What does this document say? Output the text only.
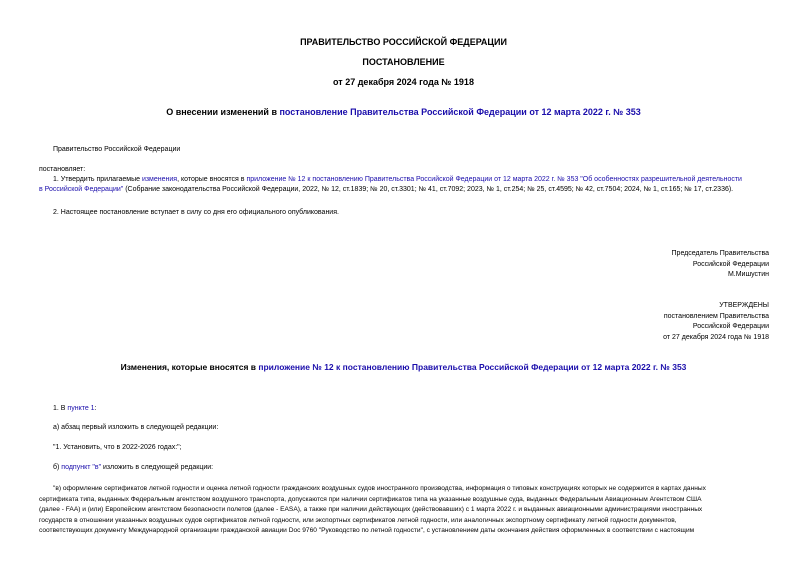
ПРАВИТЕЛЬСТВО РОССИЙСКОЙ ФЕДЕРАЦИИ
ПОСТАНОВЛЕНИЕ
от 27 декабря 2024 года № 1918
О внесении изменений в постановление Правительства Российской Федерации от 12 марта 2022 г. № 353
Правительство Российской Федерации
постановляет:
1. Утвердить прилагаемые изменения, которые вносятся в приложение № 12 к постановлению Правительства Российской Федерации от 12 марта 2022 г. № 353 "Об особенностях разрешительной деятельности
в Российской Федерации" (Собрание законодательства Российской Федерации, 2022, № 12, ст.1839; № 20, ст.3301; № 41, ст.7092; 2023, № 1, ст.254; № 25, ст.4595; № 42, ст.7504; 2024, № 1, ст.165; № 17, ст.2336).
2. Настоящее постановление вступает в силу со дня его официального опубликования.
Председатель Правительства
Российской Федерации
М.Мишустин
УТВЕРЖДЕНЫ
постановлением Правительства
Российской Федерации
от 27 декабря 2024 года № 1918
Изменения, которые вносятся в приложение № 12 к постановлению Правительства Российской Федерации от 12 марта 2022 г. № 353
1. В пункте 1:
а) абзац первый изложить в следующей редакции:
"1. Установить, что в 2022-2026 годах:";
б) подпункт "в" изложить в следующей редакции:
"в) оформление сертификатов летной годности и оценка летной годности гражданских воздушных судов иностранного производства, информация о типовых конструкциях которых не содержится в картах данных
сертификата типа, выданных Федеральным агентством воздушного транспорта, допускаются при наличии сертификатов типа на указанные воздушные суда, выданных Федеральным Авиационным Агентством США
(далее - FAA) и (или) Европейским агентством безопасности полетов (далее - EASA), а также при наличии действующих (действовавших) с 1 марта 2022 г. и выданных авиационными администрациями иностранных
государств в отношении указанных воздушных судов сертификатов летной годности, или экспортных сертификатов летной годности, или аналогичных экспортному сертификату летной годности документов,
соответствующих документу Международной организации гражданской авиации Doc 9760 "Руководство по летной годности", с установлением даты окончания действия оформленных в соответствии с настоящим
